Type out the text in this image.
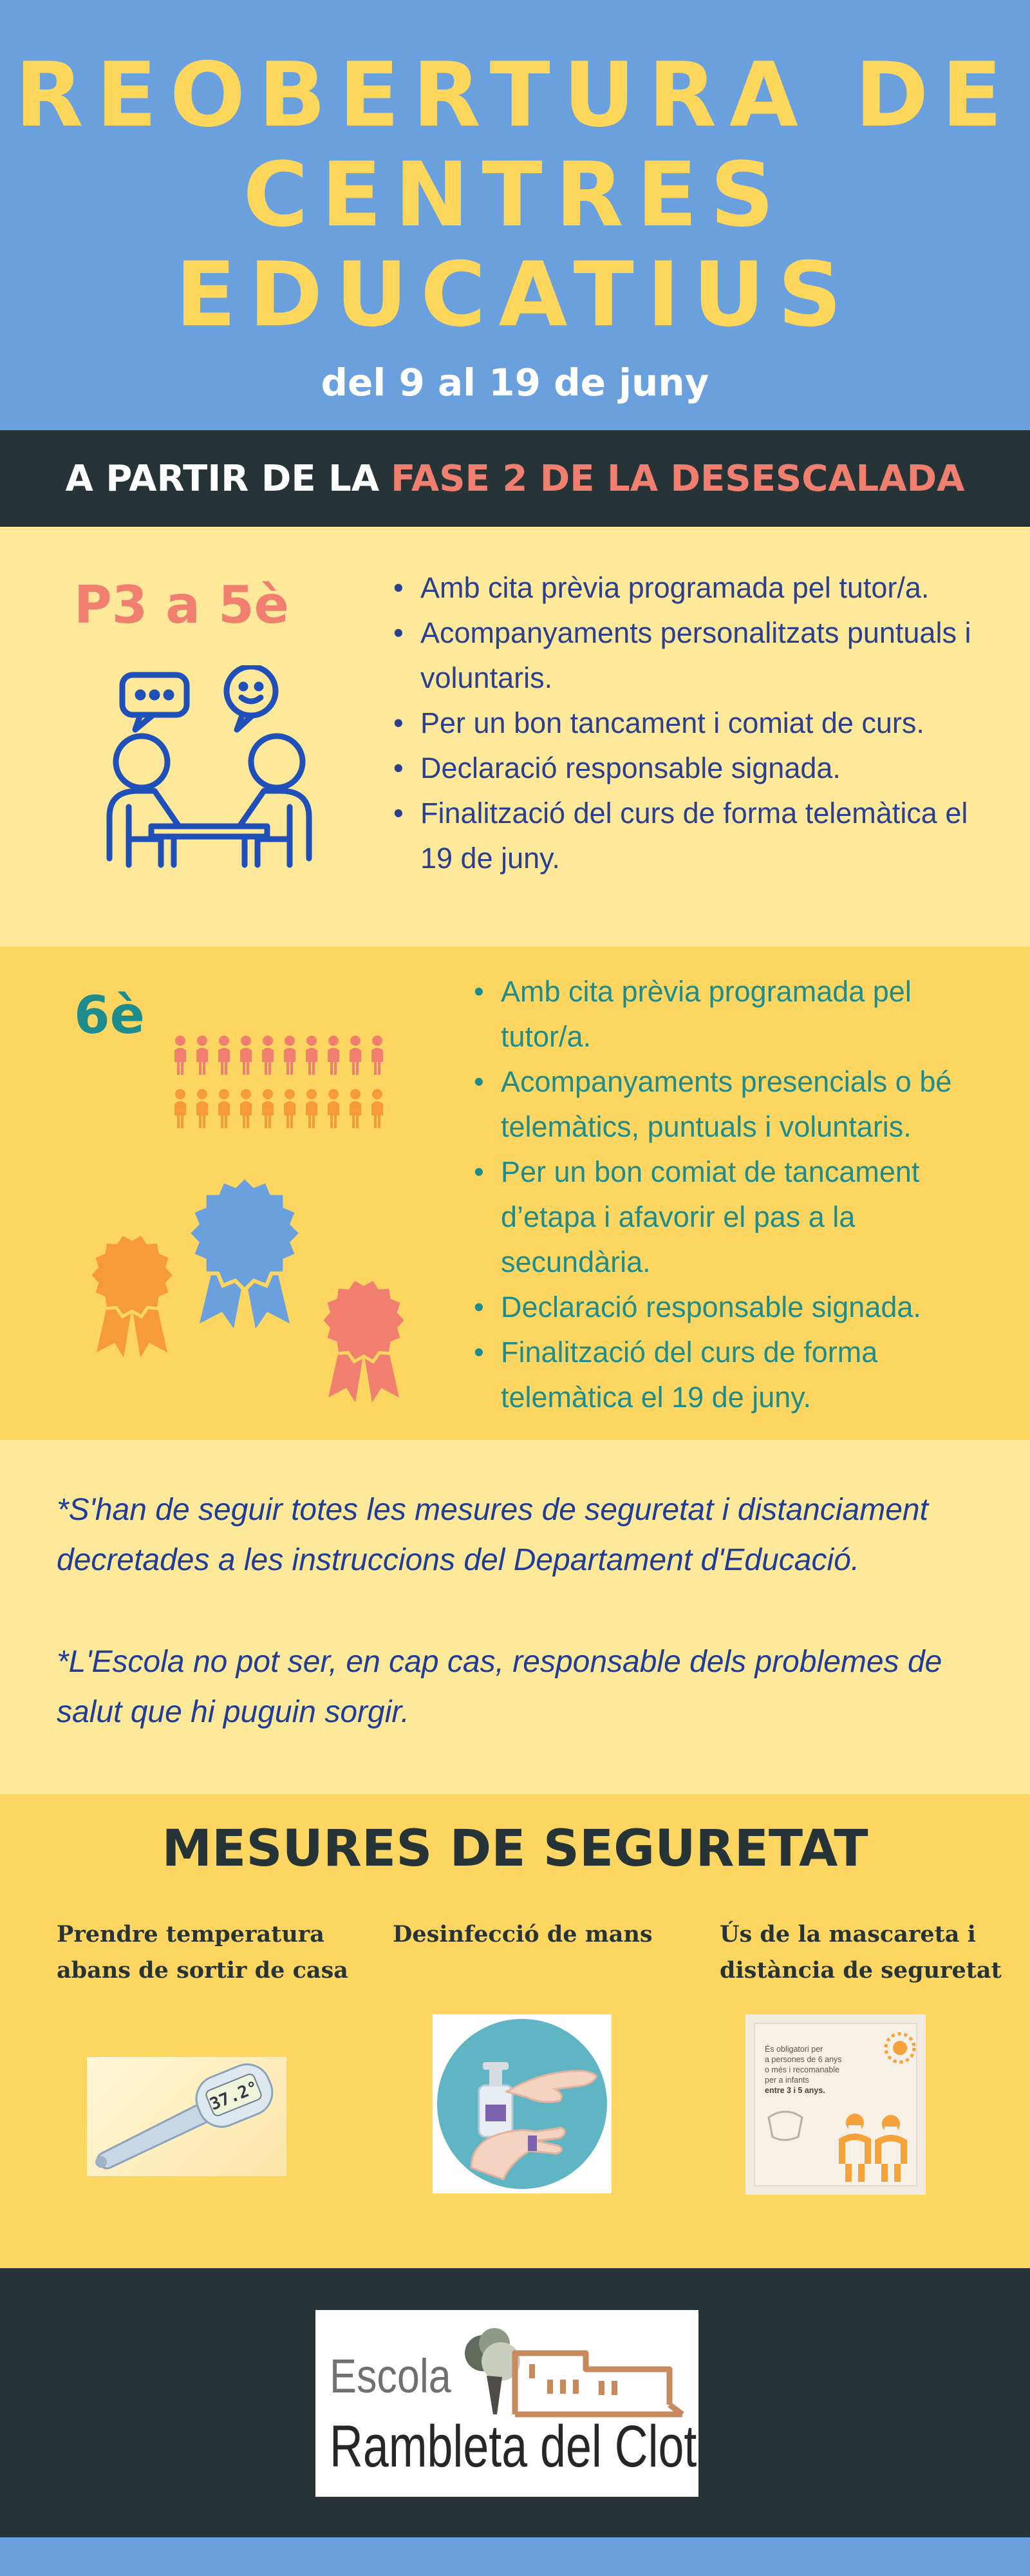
REOBERTURA DE
CENTRES
EDUCATIUS
del 9 al 19 de juny
A PARTIR DE LA FASE 2 DE LA DESESCALADA
P3 a 5è	• Amb cita prèvia programada pel tutor/a.
• Acompanyaments personalitzats puntuals i voluntaris.
• Per un bon tancament i comiat de curs.
• Declaració responsable signada.
• Finalització del curs de forma telemàtica el 19 de juny.
6è	• Amb cita prèvia programada pel tutor/a.
• Acompanyaments presencials o bé telemàtics, puntuals i voluntaris.
• Per un bon comiat de tancament d’etapa i afavorir el pas a la secundària.
• Declaració responsable signada.
• Finalització del curs de forma telemàtica el 19 de juny.

*S'han de seguir totes les mesures de seguretat i distanciament decretades a les instruccions del Departament d'Educació.

*L'Escola no pot ser, en cap cas, responsable dels problemes de salut que hi puguin sorgir.

MESURES DE SEGURETAT
Prendre temperatura
abans de sortir de casa
Desinfecció de mans	Ús de la mascareta i
distància de seguretat
37.2°
És obligatori per
a persones de 6 anys
o més i recomanable
per a infants
entre 3 i 5 anys.
Escola
Rambleta del Clot
